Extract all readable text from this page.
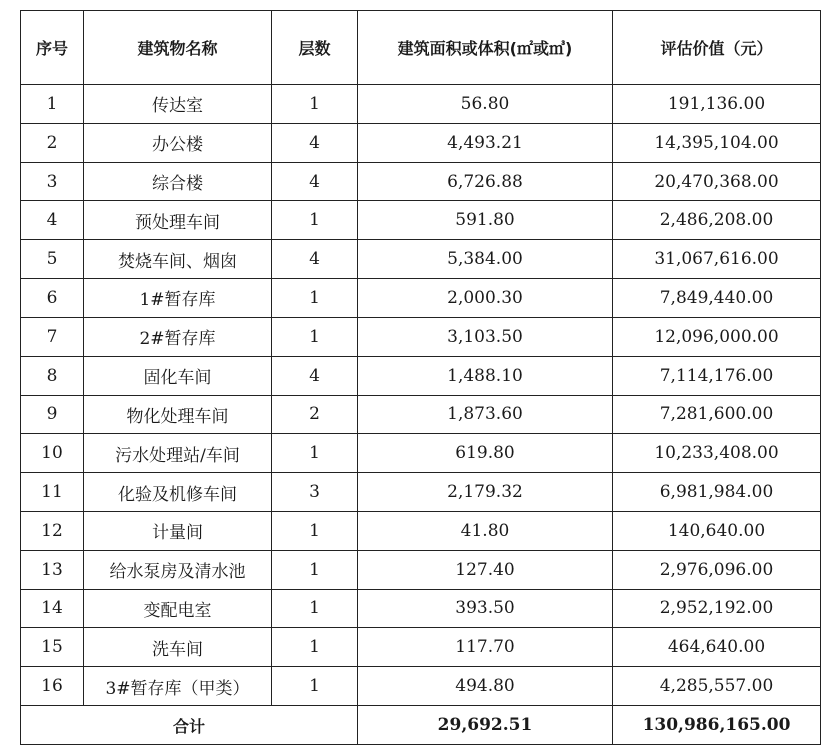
序号	建筑物名称	层数	建筑面积或体积(㎡或㎥)	评估价值（元）
1	传达室	1	56.80	191,136.00
2	办公楼	4	4,493.21	14,395,104.00
3	综合楼	4	6,726.88	20,470,368.00
4	预处理车间	1	591.80	2,486,208.00
5	焚烧车间、烟囱	4	5,384.00	31,067,616.00
6	1#暂存库	1	2,000.30	7,849,440.00
7	2#暂存库	1	3,103.50	12,096,000.00
8	固化车间	4	1,488.10	7,114,176.00
9	物化处理车间	2	1,873.60	7,281,600.00
10	污水处理站/车间	1	619.80	10,233,408.00
11	化验及机修车间	3	2,179.32	6,981,984.00
12	计量间	1	41.80	140,640.00
13	给水泵房及清水池	1	127.40	2,976,096.00
14	变配电室	1	393.50	2,952,192.00
15	洗车间	1	117.70	464,640.00
16	3#暂存库（甲类）	1	494.80	4,285,557.00
合计			29,692.51	130,986,165.00
